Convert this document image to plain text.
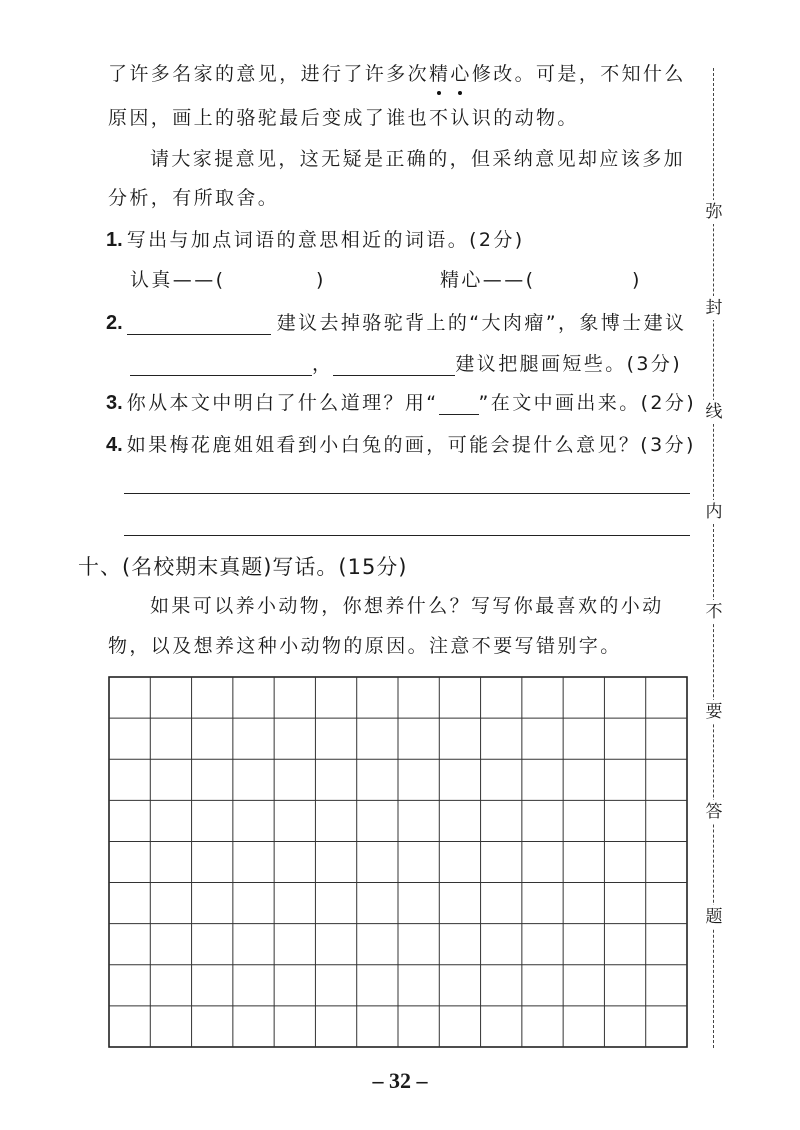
了许多名家的意见，进行了许多次精心
修改。可是，不知什么
原因，画上的骆驼最后变成了谁也不认识的动物。
请大家提意见，这无疑是正确的，但采纳意见却应该多加
分析，有所取舍。
1. 写出与加点词语的意思相近的词语。(2分)
认真——(	)	精心——(	)
2.	建议去掉骆驼背上的“大肉瘤”，象博士建议
，	建议把腿画短些。(3分)
3. 你从本文中明白了什么道理？用“ ”在文中画出来。(2分)
4. 如果梅花鹿姐姐看到小白兔的画，可能会提什么意见？(3分)
十、(名校期末真题)写话。(15分)
如果可以养小动物，你想养什么？写写你最喜欢的小动
物，以及想养这种小动物的原因。注意不要写错别字。
弥
封
线
内
不
要
答
题
– 32 –
